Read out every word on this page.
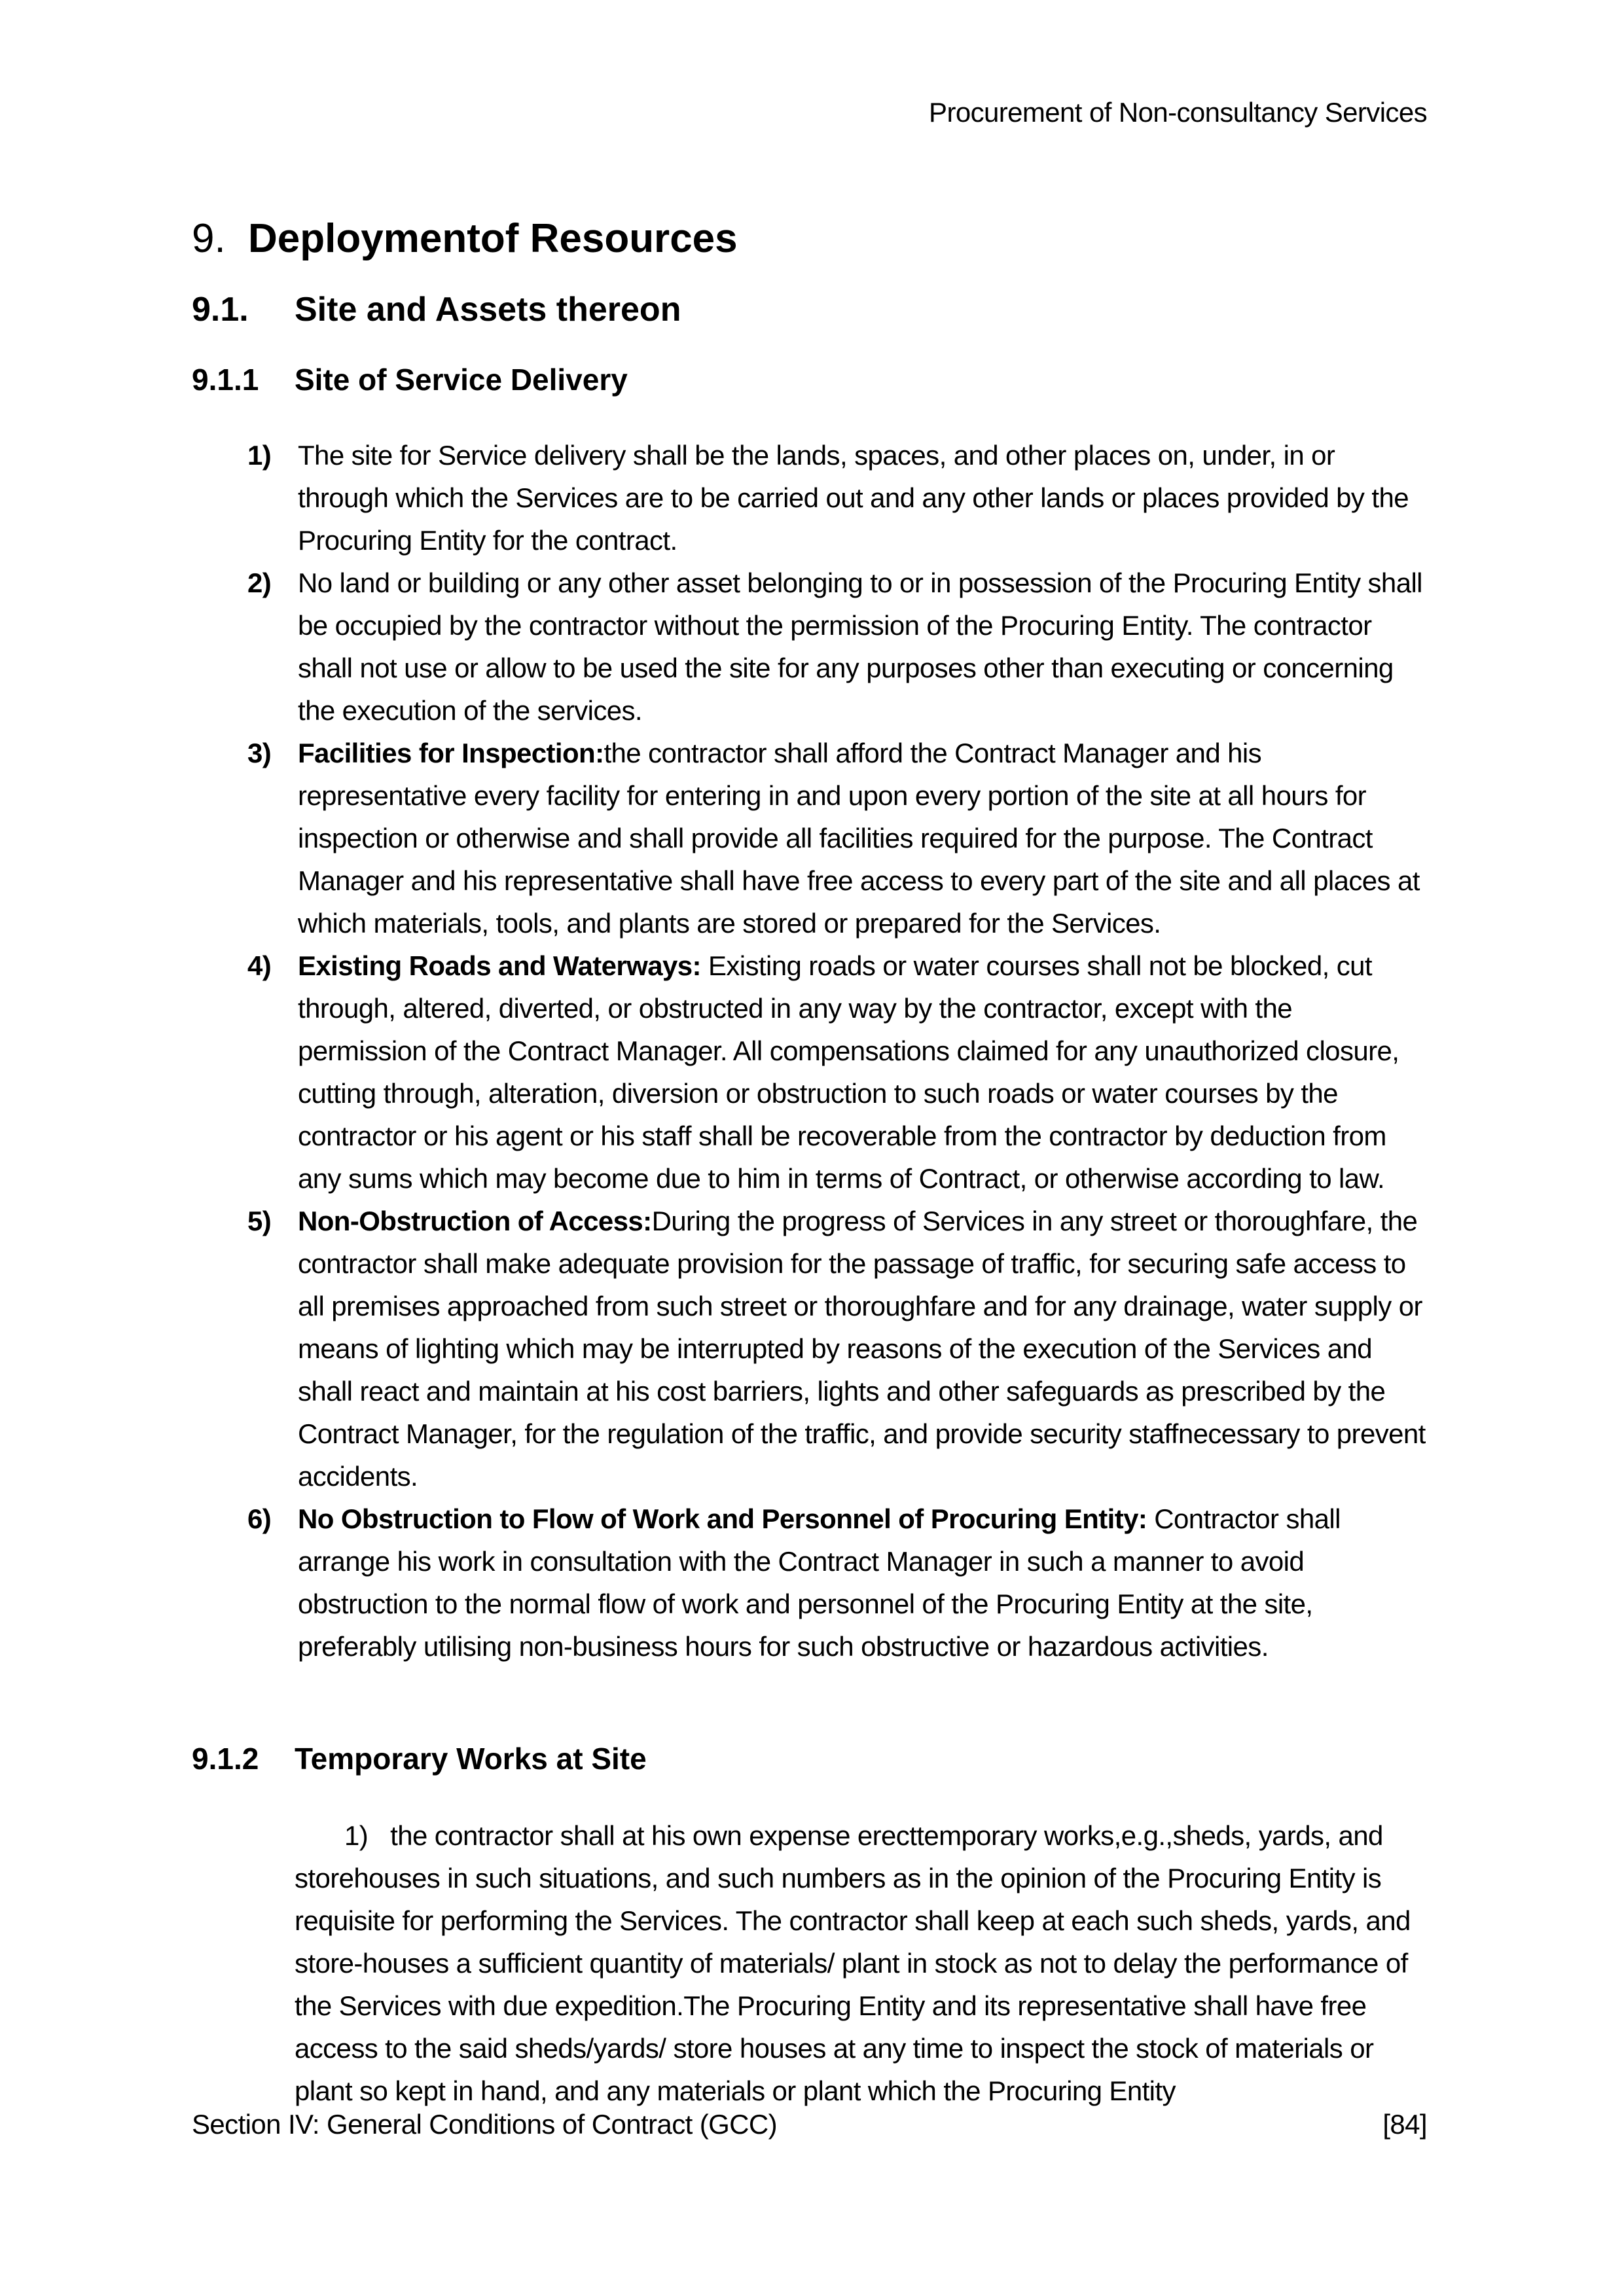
Procurement of Non-consultancy Services
9. Deploymentof Resources
9.1. Site and Assets thereon
9.1.1 Site of Service Delivery
1) The site for Service delivery shall be the lands, spaces, and other places on, under, in or through which the Services are to be carried out and any other lands or places provided by the Procuring Entity for the contract.
2) No land or building or any other asset belonging to or in possession of the Procuring Entity shall be occupied by the contractor without the permission of the Procuring Entity. The contractor shall not use or allow to be used the site for any purposes other than executing or concerning the execution of the services.
3) Facilities for Inspection:the contractor shall afford the Contract Manager and his representative every facility for entering in and upon every portion of the site at all hours for inspection or otherwise and shall provide all facilities required for the purpose. The Contract Manager and his representative shall have free access to every part of the site and all places at which materials, tools, and plants are stored or prepared for the Services.
4) Existing Roads and Waterways: Existing roads or water courses shall not be blocked, cut through, altered, diverted, or obstructed in any way by the contractor, except with the permission of the Contract Manager. All compensations claimed for any unauthorized closure, cutting through, alteration, diversion or obstruction to such roads or water courses by the contractor or his agent or his staff shall be recoverable from the contractor by deduction from any sums which may become due to him in terms of Contract, or otherwise according to law.
5) Non-Obstruction of Access:During the progress of Services in any street or thoroughfare, the contractor shall make adequate provision for the passage of traffic, for securing safe access to all premises approached from such street or thoroughfare and for any drainage, water supply or means of lighting which may be interrupted by reasons of the execution of the Services and shall react and maintain at his cost barriers, lights and other safeguards as prescribed by the Contract Manager, for the regulation of the traffic, and provide security staffnecessary to prevent accidents.
6) No Obstruction to Flow of Work and Personnel of Procuring Entity: Contractor shall arrange his work in consultation with the Contract Manager in such a manner to avoid obstruction to the normal flow of work and personnel of the Procuring Entity at the site, preferably utilising non-business hours for such obstructive or hazardous activities.
9.1.2 Temporary Works at Site
1) the contractor shall at his own expense erecttemporary works,e.g.,sheds, yards, and storehouses in such situations, and such numbers as in the opinion of the Procuring Entity is requisite for performing the Services. The contractor shall keep at each such sheds, yards, and store-houses a sufficient quantity of materials/ plant in stock as not to delay the performance of the Services with due expedition.The Procuring Entity and its representative shall have free access to the said sheds/yards/ store houses at any time to inspect the stock of materials or plant so kept in hand, and any materials or plant which the Procuring Entity
Section IV: General Conditions of Contract (GCC)	[84]
